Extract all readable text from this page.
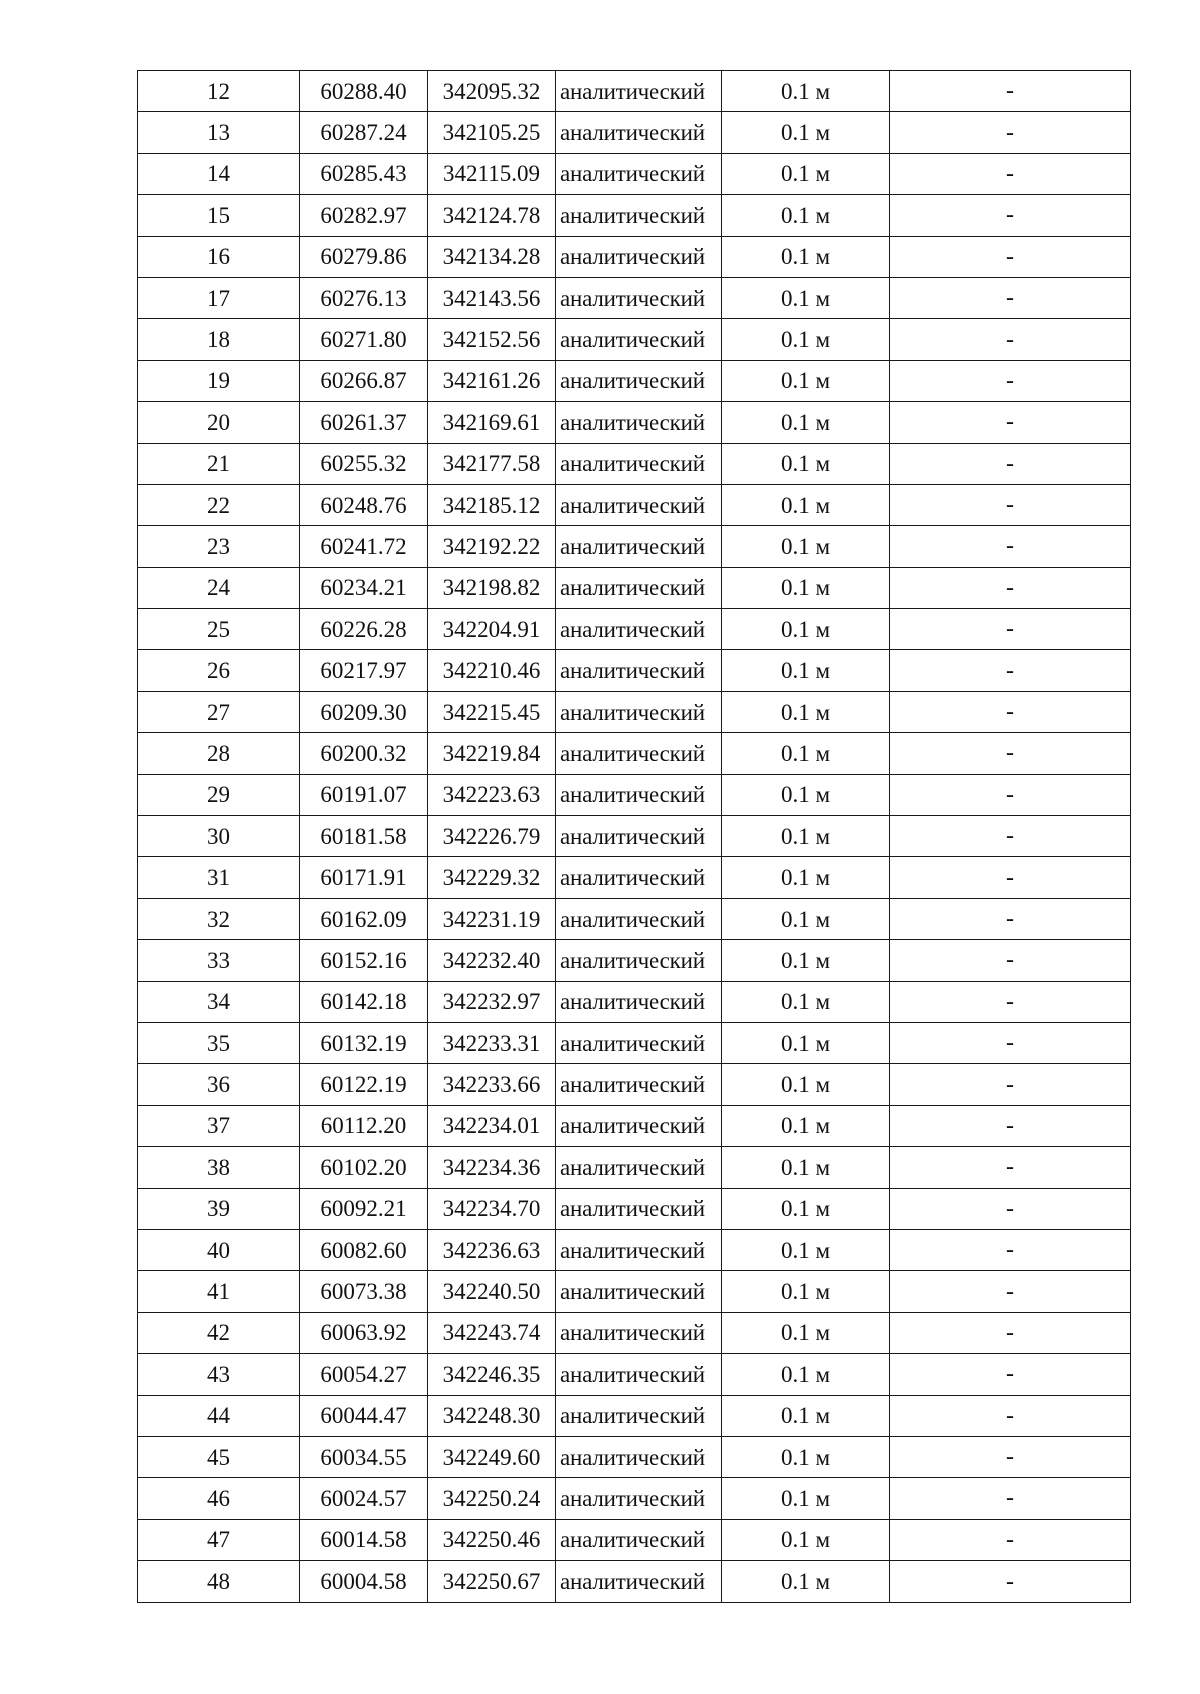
12	60288.40	342095.32	аналитический	0.1 м	-
13	60287.24	342105.25	аналитический	0.1 м	-
14	60285.43	342115.09	аналитический	0.1 м	-
15	60282.97	342124.78	аналитический	0.1 м	-
16	60279.86	342134.28	аналитический	0.1 м	-
17	60276.13	342143.56	аналитический	0.1 м	-
18	60271.80	342152.56	аналитический	0.1 м	-
19	60266.87	342161.26	аналитический	0.1 м	-
20	60261.37	342169.61	аналитический	0.1 м	-
21	60255.32	342177.58	аналитический	0.1 м	-
22	60248.76	342185.12	аналитический	0.1 м	-
23	60241.72	342192.22	аналитический	0.1 м	-
24	60234.21	342198.82	аналитический	0.1 м	-
25	60226.28	342204.91	аналитический	0.1 м	-
26	60217.97	342210.46	аналитический	0.1 м	-
27	60209.30	342215.45	аналитический	0.1 м	-
28	60200.32	342219.84	аналитический	0.1 м	-
29	60191.07	342223.63	аналитический	0.1 м	-
30	60181.58	342226.79	аналитический	0.1 м	-
31	60171.91	342229.32	аналитический	0.1 м	-
32	60162.09	342231.19	аналитический	0.1 м	-
33	60152.16	342232.40	аналитический	0.1 м	-
34	60142.18	342232.97	аналитический	0.1 м	-
35	60132.19	342233.31	аналитический	0.1 м	-
36	60122.19	342233.66	аналитический	0.1 м	-
37	60112.20	342234.01	аналитический	0.1 м	-
38	60102.20	342234.36	аналитический	0.1 м	-
39	60092.21	342234.70	аналитический	0.1 м	-
40	60082.60	342236.63	аналитический	0.1 м	-
41	60073.38	342240.50	аналитический	0.1 м	-
42	60063.92	342243.74	аналитический	0.1 м	-
43	60054.27	342246.35	аналитический	0.1 м	-
44	60044.47	342248.30	аналитический	0.1 м	-
45	60034.55	342249.60	аналитический	0.1 м	-
46	60024.57	342250.24	аналитический	0.1 м	-
47	60014.58	342250.46	аналитический	0.1 м	-
48	60004.58	342250.67	аналитический	0.1 м	-
